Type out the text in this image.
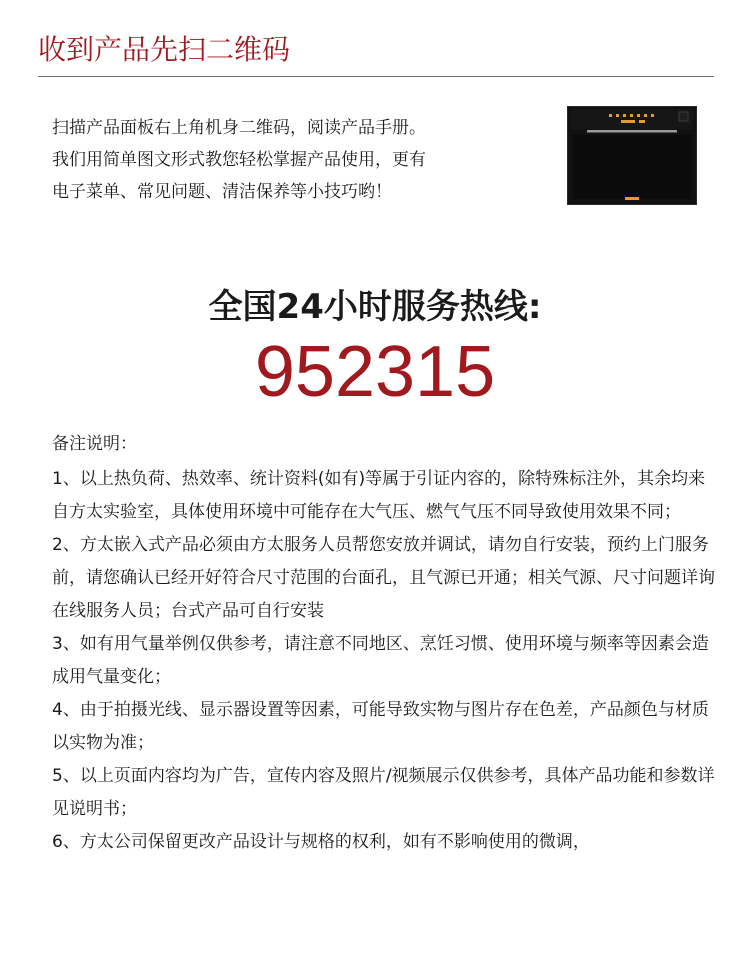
收到产品先扫二维码

扫描产品面板右上角机身二维码，阅读产品手册。

我们用简单图文形式教您轻松掌握产品使用，更有

电子菜单、常见问题、清洁保养等小技巧哟！

全国24小时服务热线:
952315

备注说明：

1、以上热负荷、热效率、统计资料(如有)等属于引证内容的，除特殊标注外，其余均来自方太实验室，具体使用环境中可能存在大气压、燃气气压不同导致使用效果不同；

2、方太嵌入式产品必须由方太服务人员帮您安放并调试，请勿自行安装，预约上门服务前，请您确认已经开好符合尺寸范围的台面孔，且气源已开通；相关气源、尺寸问题详询在线服务人员；台式产品可自行安装

3、如有用气量举例仅供参考，请注意不同地区、烹饪习惯、使用环境与频率等因素会造成用气量变化；

4、由于拍摄光线、显示器设置等因素，可能导致实物与图片存在色差，产品颜色与材质以实物为准；

5、以上页面内容均为广告，宣传内容及照片/视频展示仅供参考，具体产品功能和参数详见说明书；

6、方太公司保留更改产品设计与规格的权利，如有不影响使用的微调，
